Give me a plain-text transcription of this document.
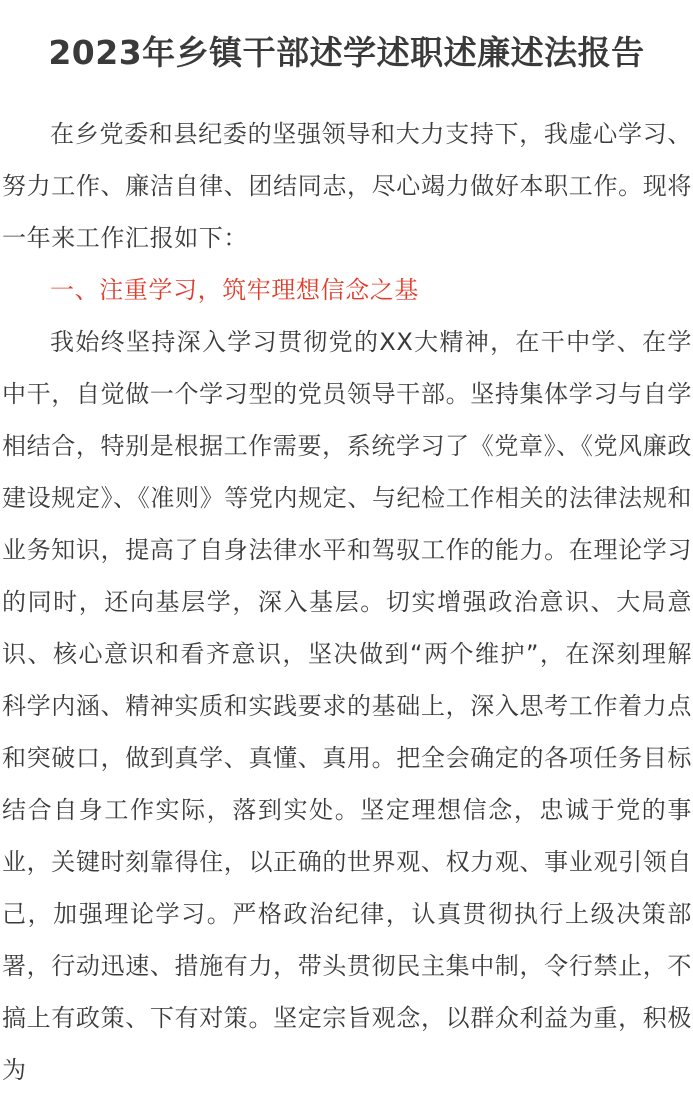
2023年乡镇干部述学述职述廉述法报告

在乡党委和县纪委的坚强领导和大力支持下，我虚心学习、努力工作、廉洁自律、团结同志，尽心竭力做好本职工作。现将一年来工作汇报如下：

一、注重学习，筑牢理想信念之基

我始终坚持深入学习贯彻党的XX大精神，在干中学、在学中干，自觉做一个学习型的党员领导干部。坚持集体学习与自学相结合，特别是根据工作需要，系统学习了《党章》、《党风廉政建设规定》、《准则》等党内规定、与纪检工作相关的法律法规和业务知识，提高了自身法律水平和驾驭工作的能力。在理论学习的同时，还向基层学，深入基层。切实增强政治意识、大局意识、核心意识和看齐意识，坚决做到“两个维护”，在深刻理解科学内涵、精神实质和实践要求的基础上，深入思考工作着力点和突破口，做到真学、真懂、真用。把全会确定的各项任务目标结合自身工作实际，落到实处。坚定理想信念，忠诚于党的事业，关键时刻靠得住，以正确的世界观、权力观、事业观引领自己，加强理论学习。严格政治纪律，认真贯彻执行上级决策部署，行动迅速、措施有力，带头贯彻民主集中制，令行禁止，不搞上有政策、下有对策。坚定宗旨观念，以群众利益为重，积极为
